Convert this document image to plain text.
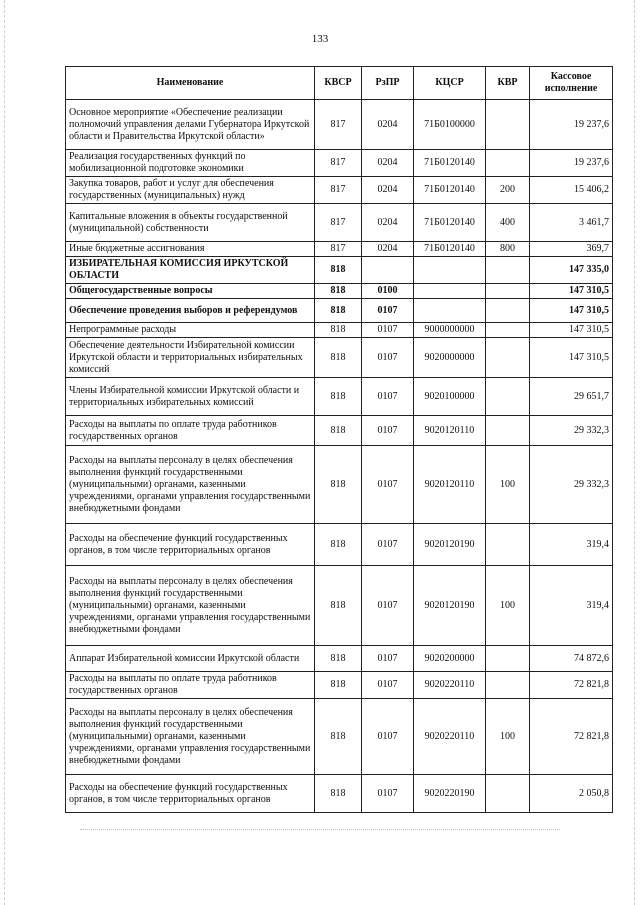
133
Наименование	КВСР	РзПР	КЦСР	КВР	Кассовое исполнение
Основное мероприятие «Обеспечение реализации полномочий управления делами Губернатора Иркутской области и Правительства Иркутской области»	817	0204	71Б0100000		19 237,6
Реализация государственных функций по мобилизационной подготовке экономики	817	0204	71Б0120140		19 237,6
Закупка товаров, работ и услуг для обеспечения государственных (муниципальных) нужд	817	0204	71Б0120140	200	15 406,2
Капитальные вложения в объекты государственной (муниципальной) собственности	817	0204	71Б0120140	400	3 461,7
Иные бюджетные ассигнования	817	0204	71Б0120140	800	369,7
ИЗБИРАТЕЛЬНАЯ КОМИССИЯ ИРКУТСКОЙ ОБЛАСТИ	818				147 335,0
Общегосударственные вопросы	818	0100			147 310,5
Обеспечение проведения выборов и референдумов	818	0107			147 310,5
Непрограммные расходы	818	0107	9000000000		147 310,5
Обеспечение деятельности Избирательной комиссии Иркутской области и территориальных избирательных комиссий	818	0107	9020000000		147 310,5
Члены Избирательной комиссии Иркутской области и территориальных избирательных комиссий	818	0107	9020100000		29 651,7
Расходы на выплаты по оплате труда работников государственных органов	818	0107	9020120110		29 332,3
Расходы на выплаты персоналу в целях обеспечения выполнения функций государственными (муниципальными) органами, казенными учреждениями, органами управления государственными внебюджетными фондами	818	0107	9020120110	100	29 332,3
Расходы на обеспечение функций государственных органов, в том числе территориальных органов	818	0107	9020120190		319,4
Расходы на выплаты персоналу в целях обеспечения выполнения функций государственными (муниципальными) органами, казенными учреждениями, органами управления государственными внебюджетными фондами	818	0107	9020120190	100	319,4
Аппарат Избирательной комиссии Иркутской области	818	0107	9020200000		74 872,6
Расходы на выплаты по оплате труда работников государственных органов	818	0107	9020220110		72 821,8
Расходы на выплаты персоналу в целях обеспечения выполнения функций государственными (муниципальными) органами, казенными учреждениями, органами управления государственными внебюджетными фондами	818	0107	9020220110	100	72 821,8
Расходы на обеспечение функций государственных органов, в том числе территориальных органов	818	0107	9020220190		2 050,8
